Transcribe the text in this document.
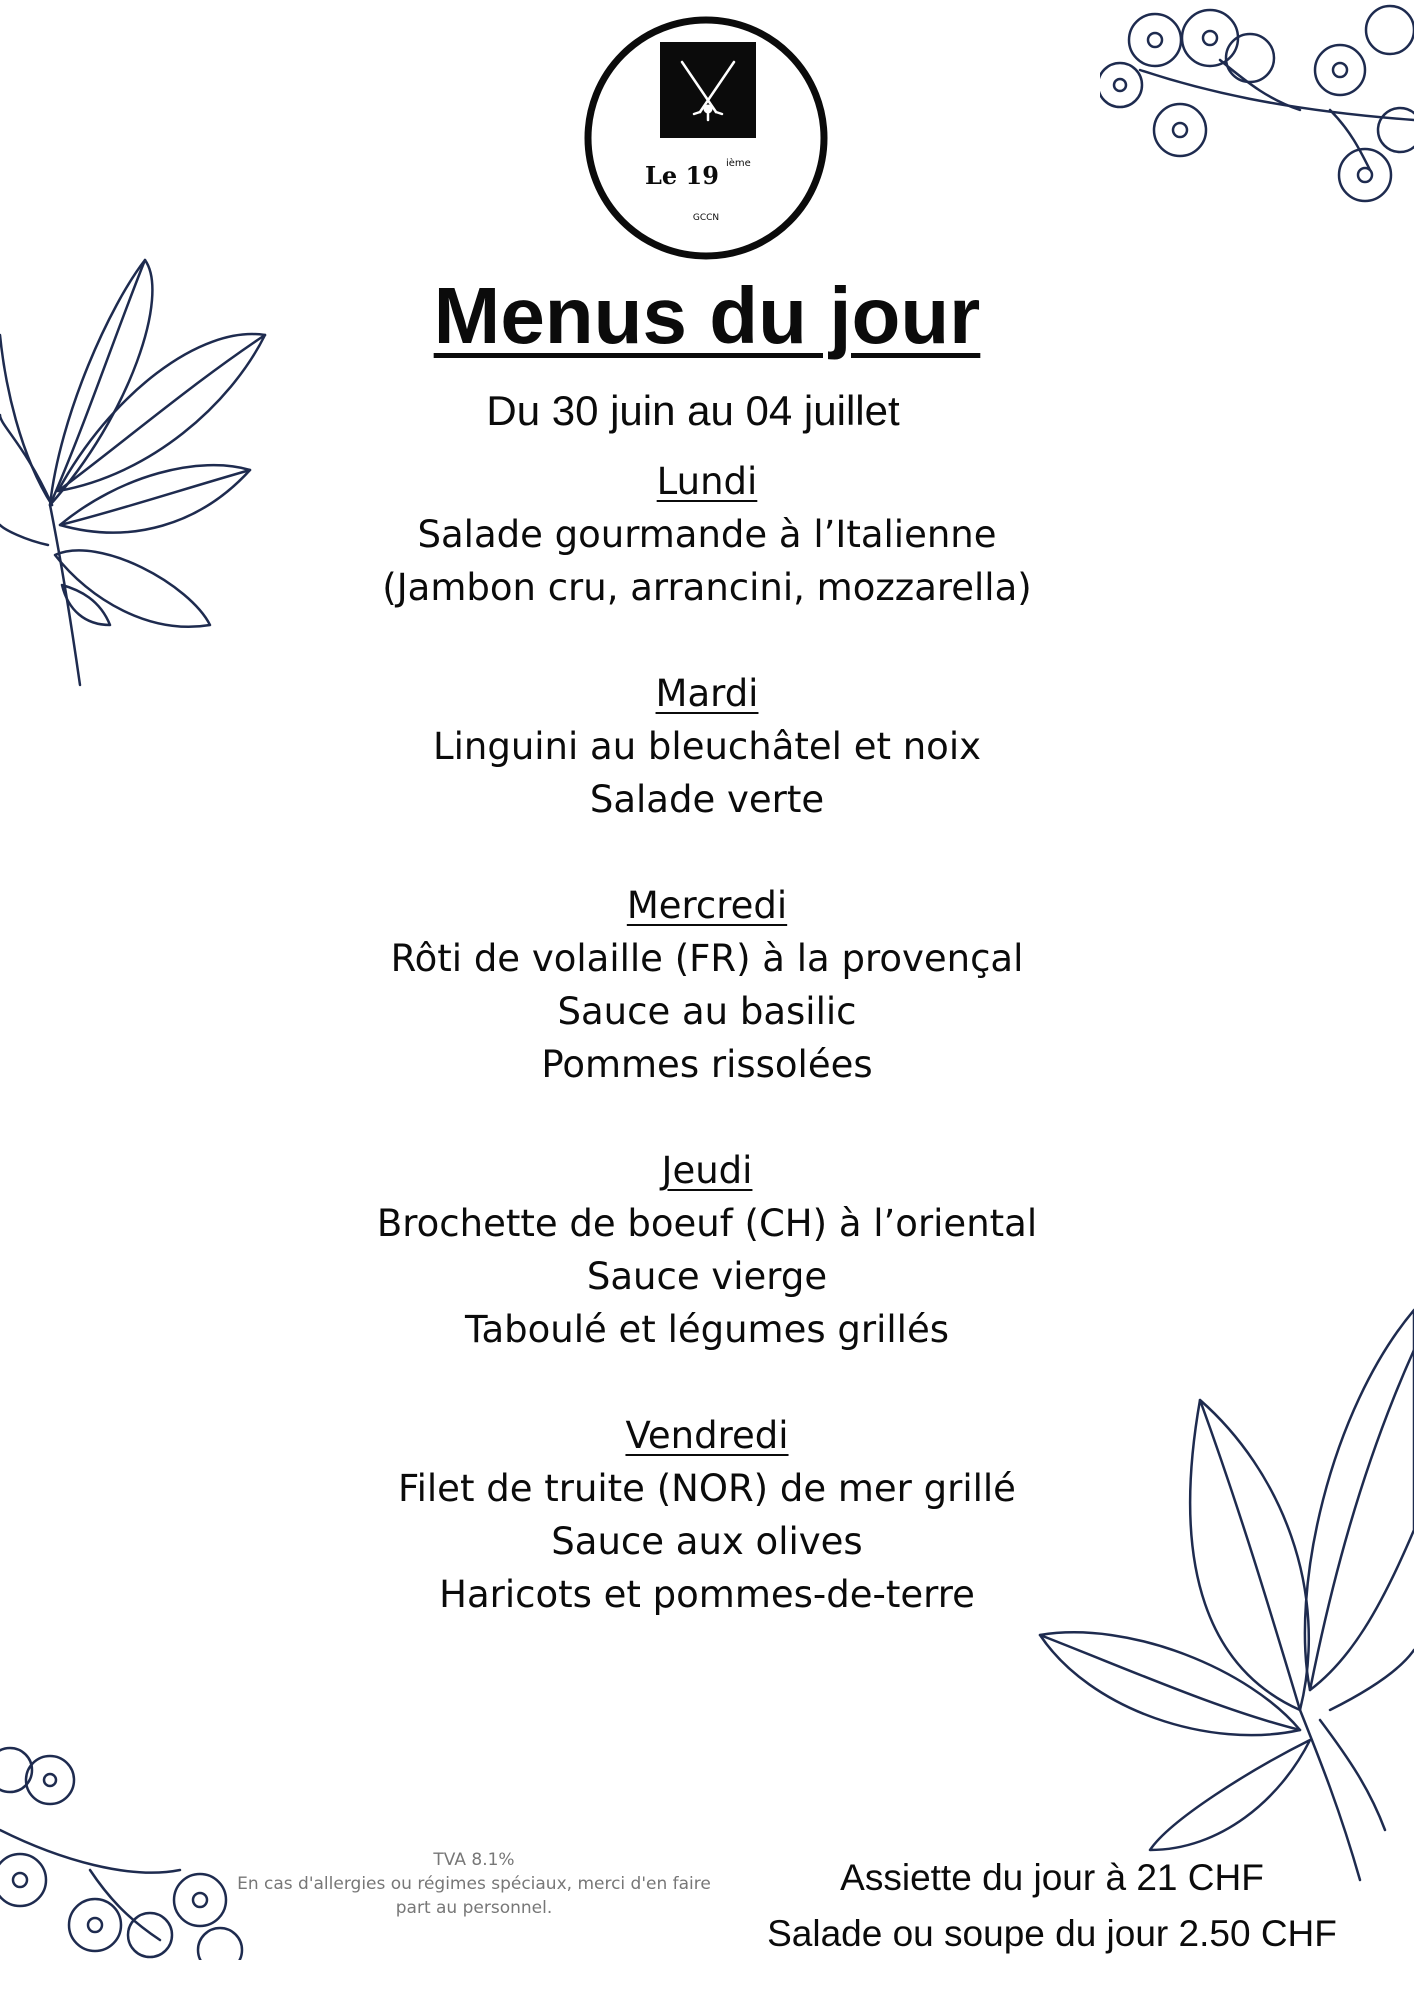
Le 19 ième
GCCN
Menus du jour
Du 30 juin au 04 juillet
Lundi
Salade gourmande à l’Italienne
(Jambon cru, arrancini, mozzarella)
Mardi
Linguini au bleuchâtel et noix
Salade verte
Mercredi
Rôti de volaille (FR) à la provençal
Sauce au basilic
Pommes rissolées
Jeudi
Brochette de boeuf (CH) à l’oriental
Sauce vierge
Taboulé et légumes grillés
Vendredi
Filet de truite (NOR) de mer grillé
Sauce aux olives
Haricots et pommes-de-terre
TVA 8.1%
En cas d'allergies ou régimes spéciaux, merci d'en faire part au personnel.
Assiette du jour à 21 CHF
Salade ou soupe du jour 2.50 CHF
